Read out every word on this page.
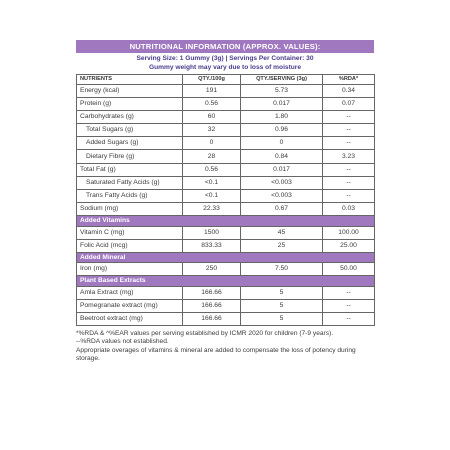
NUTRITIONAL INFORMATION (APPROX. VALUES):
Serving Size: 1 Gummy (3g) | Servings Per Container: 30
Gummy weight may vary due to loss of moisture
NUTRIENTS	QTY./100g	QTY./SERVING (3g)	%RDA*
Energy (kcal)	191	5.73	0.34
Protein (g)	0.56	0.017	0.07
Carbohydrates (g)	60	1.80	--
Total Sugars (g)	32	0.96	--
Added Sugars (g)	0	0	--
Dietary Fibre (g)	28	0.84	3.23
Total Fat (g)	0.56	0.017	--
Saturated Fatty Acids (g)	<0.1	<0.003	--
Trans Fatty Acids (g)	<0.1	<0.003	--
Sodium (mg)	22.33	0.67	0.03
Added Vitamins			
Vitamin C (mg)	1500	45	100.00
Folic Acid (mcg)	833.33	25	25.00
Added Mineral			
Iron (mg)	250	7.50	50.00
Plant Based Extracts			
Amla Extract (mg)	166.66	5	--
Pomegranate extract (mg)	166.66	5	--
Beetroot extract (mg)	166.66	5	--
*%RDA & ^%EAR values per serving established by ICMR 2020 for children (7-9 years).
--%RDA values not established.
Appropriate overages of vitamins & mineral are added to compensate the loss of potency during storage.
